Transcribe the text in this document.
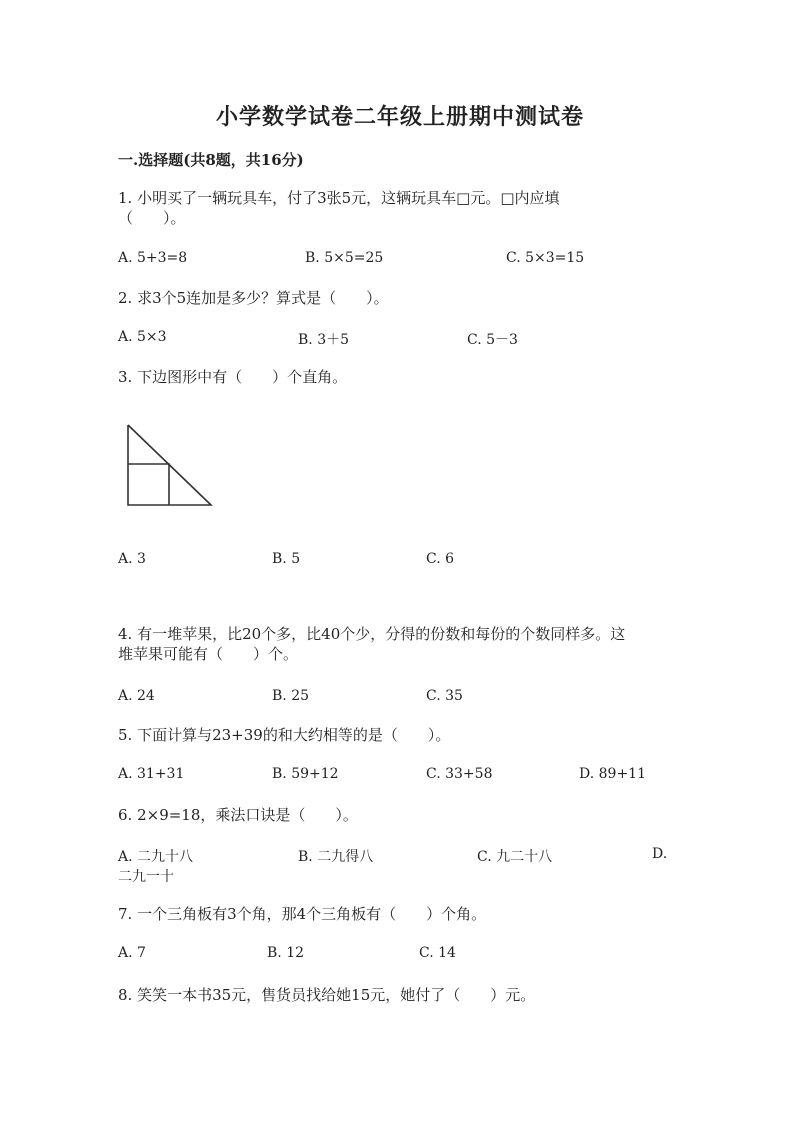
小学数学试卷二年级上册期中测试卷
一.选择题(共8题，共16分)
1. 小明买了一辆玩具车，付了3张5元，这辆玩具车□元。□内应填
（　　）。
A. 5+3=8	B. 5×5=25	C. 5×3=15
2. 求3个5连加是多少？算式是（　　）。
A. 5×3	B. 3＋5	C. 5－3
3. 下边图形中有（　　）个直角。
A. 3	B. 5	C. 6
4. 有一堆苹果，比20个多，比40个少，分得的份数和每份的个数同样多。这
堆苹果可能有（　　）个。
A. 24	B. 25	C. 35
5. 下面计算与23+39的和大约相等的是（　　）。
A. 31+31	B. 59+12	C. 33+58	D. 89+11
6. 2×9=18，乘法口诀是（　　）。
A. 二九十八	B. 二九得八	C. 九二十八	D.
二九一十
7. 一个三角板有3个角，那4个三角板有（　　）个角。
A. 7	B. 12	C. 14
8. 笑笑一本书35元，售货员找给她15元，她付了（　　）元。
